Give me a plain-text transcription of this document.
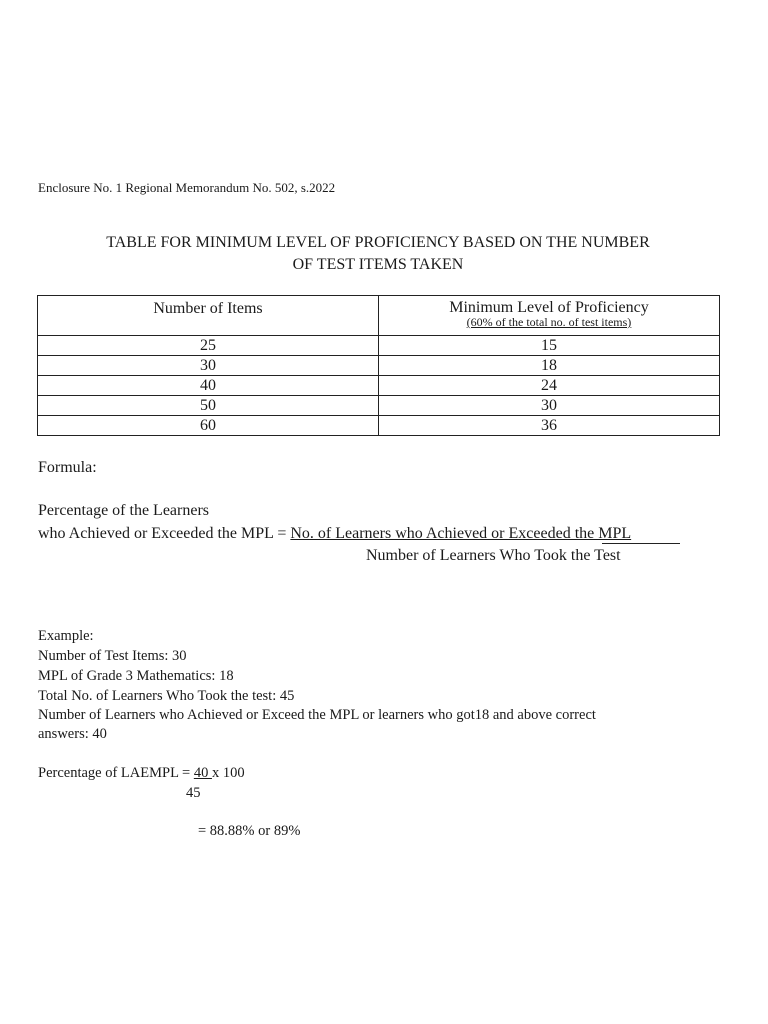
Enclosure No. 1 Regional Memorandum No. 502, s.2022
TABLE FOR MINIMUM LEVEL OF PROFICIENCY BASED ON THE NUMBER
OF TEST ITEMS TAKEN
Number of Items	Minimum Level of Proficiency
(60% of the total no. of test items)

25	15
30	18
40	24
50	30
60	36
Formula:
Percentage of the Learners
who Achieved or Exceeded the MPL = No. of Learners who Achieved or Exceeded the MPL
Number of Learners Who Took the Test
Example:
Number of Test Items: 30
MPL of Grade 3 Mathematics: 18
Total No. of Learners Who Took the test: 45
Number of Learners who Achieved or Exceed the MPL or learners who got18 and above correct
answers: 40
Percentage of LAEMPL = 40 x 100
45
= 88.88% or 89%
